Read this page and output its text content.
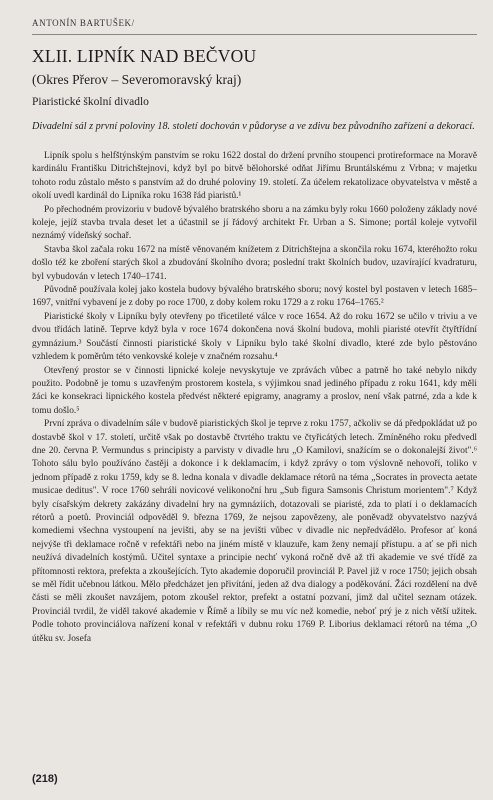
ANTONÍN BARTUŠEK/
XLII. LIPNÍK NAD BEČVOU
(Okres Přerov – Severomoravský kraj)
Piaristické školní divadlo
Divadelní sál z první poloviny 18. století dochován v půdoryse a ve zdivu bez původního zařízení a dekorací.

Lipník spolu s helfštýnským panstvím se roku 1622 dostal do držení prvního stoupenci protireformace na Moravě kardinálu Františku Ditrichštejnovi, když byl po bitvě bělohorské odňat Jiřímu Bruntálskému z Vrbna; v majetku tohoto rodu zůstalo město s panstvím až do druhé poloviny 19. století. Za účelem rekatolizace obyvatelstva v městě a okolí uvedl kardinál do Lipníka roku 1638 řád piaristů.¹

Po přechodném provizoriu v budově bývalého bratrského sboru a na zámku byly roku 1660 položeny základy nové koleje, jejíž stavba trvala deset let a účastnil se jí řádový architekt Fr. Urban a S. Simone; portál koleje vytvořil neznámý vídeňský sochař.

Stavba škol začala roku 1672 na místě věnovaném knížetem z Ditrichštejna a skončila roku 1674, kteréhožto roku došlo též ke zboření starých škol a zbudování školního dvora; poslední trakt školních budov, uzavírající kvadraturu, byl vybudován v letech 1740–1741.

Původně používala kolej jako kostela budovy bývalého bratrského sboru; nový kostel byl postaven v letech 1685–1697, vnitřní vybavení je z doby po roce 1700, z doby kolem roku 1729 a z roku 1764–1765.²

Piaristické školy v Lipníku byly otevřeny po třicetileté válce v roce 1654. Až do roku 1672 se učilo v triviu a ve dvou třídách latině. Teprve když byla v roce 1674 dokončena nová školní budova, mohli piaristé otevřít čtyřtřídní gymnázium.³ Součástí činnosti piaristické školy v Lipníku bylo také školní divadlo, které zde bylo pěstováno vzhledem k poměrům této venkovské koleje v značném rozsahu.⁴

Otevřený prostor se v činnosti lipnické koleje nevyskytuje ve zprávách vůbec a patrně ho také nebylo nikdy použito. Podobně je tomu s uzavřeným prostorem kostela, s výjimkou snad jediného případu z roku 1641, kdy měli žáci ke konsekraci lipnického kostela předvést některé epigramy, anagramy a proslov, není však patrné, zda a kde k tomu došlo.⁵

První zpráva o divadelním sále v budově piaristických škol je teprve z roku 1757, ačkoliv se dá předpokládat už po dostavbě škol v 17. století, určitě však po dostavbě čtvrtého traktu ve čtyřicátých letech. Zmíněného roku předvedl dne 20. června P. Vermundus s principisty a parvisty v divadle hru „O Kamilovi, snažícím se o dokonalejší život".⁶ Tohoto sálu bylo používáno častěji a dokonce i k deklamacím, i když zprávy o tom výslovně nehovoří, toliko v jednom případě z roku 1759, kdy se 8. ledna konala v divadle deklamace rétorů na téma „Socrates in provecta aetate musicae deditus". V roce 1760 sehráli novicové velikonoční hru „Sub figura Samsonis Christum morientem".⁷ Když byly císařským dekrety zakázány divadelní hry na gymnáziích, dotazovali se piaristé, zda to platí i o deklamacích rétorů a poetů. Provinciál odpověděl 9. března 1769, že nejsou zapovězeny, ale poněvadž obyvatelstvo nazývá komediemi všechna vystoupení na jevišti, aby se na jevišti vůbec v divadle nic nepředvádělo. Profesor ať koná nejvýše tři deklamace ročně v refektáři nebo na jiném místě v klauzuře, kam ženy nemají přístupu. a ať se při nich neužívá divadelních kostýmů. Učitel syntaxe a principie nechť vykoná ročně dvě až tři akademie ve své třídě za přítomnosti rektora, prefekta a zkoušejících. Tyto akademie doporučil provinciál P. Pavel již v roce 1750; jejich obsah se měl řídit učebnou látkou. Mělo předcházet jen přivítání, jeden až dva dialogy a poděkování. Žáci rozdělení na dvě části se měli zkoušet navzájem, potom zkoušel rektor, prefekt a ostatní pozvaní, jimž dal učitel seznam otázek. Provinciál tvrdil, že viděl takové akademie v Římě a líbily se mu víc než komedie, neboť prý je z nich větší užitek. Podle tohoto provinciálova nařízení konal v refektáři v dubnu roku 1769 P. Liborius deklamaci rétorů na téma „O útěku sv. Josefa

(218)
